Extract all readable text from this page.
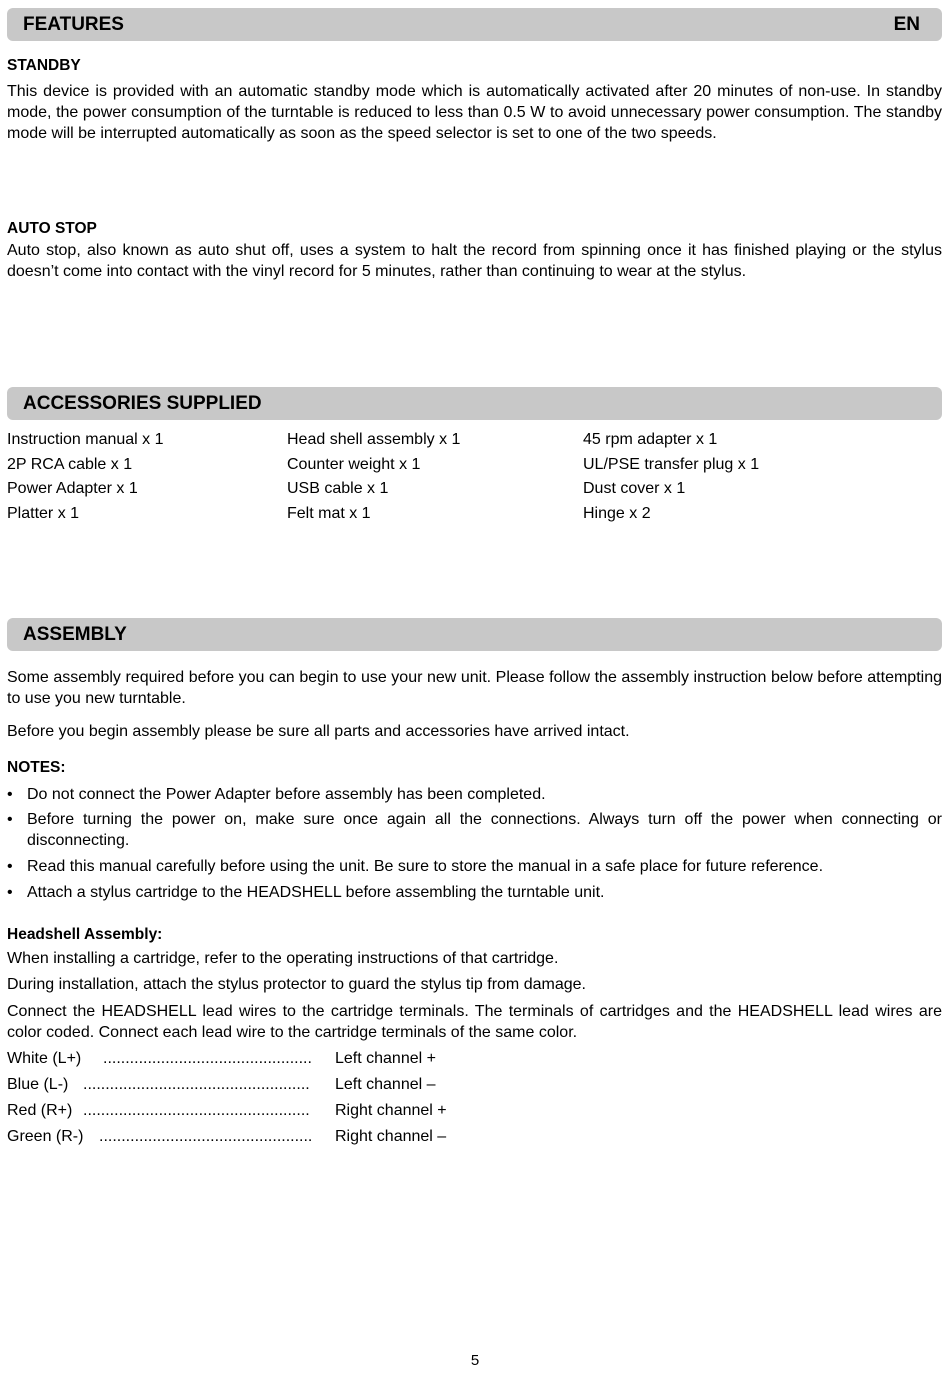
FEATURES	EN
STANDBY
This device is provided with an automatic standby mode which is automatically activated after 20 minutes of non-use. In standby mode, the power consumption of the turntable is reduced to less than 0.5 W to avoid unnecessary power consumption. The standby mode will be interrupted automatically as soon as the speed selector is set to one of the two speeds.
AUTO STOP
Auto stop, also known as auto shut off, uses a system to halt the record from spinning once it has finished playing or the stylus doesn’t come into contact with the vinyl record for 5 minutes, rather than continuing to wear at the stylus.
ACCESSORIES SUPPLIED
Instruction manual x 1	Head shell assembly x 1	45 rpm adapter x 1
2P RCA cable x 1	Counter weight x 1	UL/PSE transfer plug x 1
Power Adapter x 1	USB cable x 1	Dust cover x 1
Platter x 1	Felt mat x 1	Hinge x 2
ASSEMBLY
Some assembly required before you can begin to use your new unit. Please follow the assembly instruction below before attempting to use you new turntable.
Before you begin assembly please be sure all parts and accessories have arrived intact.
NOTES:
• Do not connect the Power Adapter before assembly has been completed.
• Before turning the power on, make sure once again all the connections. Always turn off the power when connecting or disconnecting.
• Read this manual carefully before using the unit. Be sure to store the manual in a safe place for future reference.
• Attach a stylus cartridge to the HEADSHELL before assembling the turntable unit.
Headshell Assembly:
When installing a cartridge, refer to the operating instructions of that cartridge.
During installation, attach the stylus protector to guard the stylus tip from damage.
Connect the HEADSHELL lead wires to the cartridge terminals. The terminals of cartridges and the HEADSHELL lead wires are color coded. Connect each lead wire to the cartridge terminals of the same color.
White (L+) ............................................... Left channel +
Blue (L-) ................................................... Left channel –
Red (R+) ................................................... Right channel +
Green (R-) ................................................ Right channel –
5
